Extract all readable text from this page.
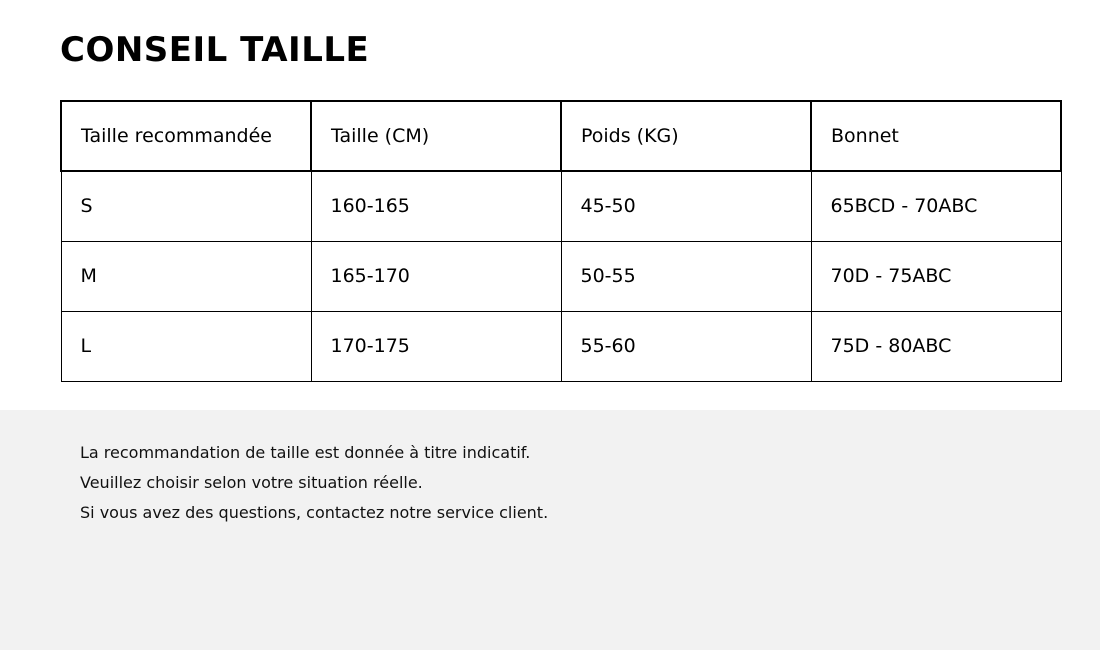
CONSEIL TAILLE
Taille recommandée	Taille (CM)	Poids (KG)	Bonnet
S	160-165	45-50	65BCD - 70ABC
M	165-170	50-55	70D - 75ABC
L	170-175	55-60	75D - 80ABC

La recommandation de taille est donnée à titre indicatif.

Veuillez choisir selon votre situation réelle.

Si vous avez des questions, contactez notre service client.
